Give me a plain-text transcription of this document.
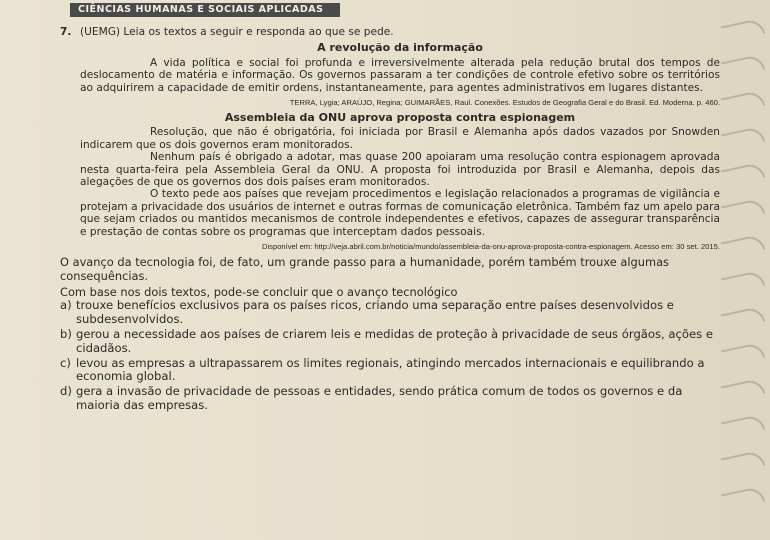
CIÊNCIAS HUMANAS E SOCIAIS APLICADAS

7. (UEMG) Leia os textos a seguir e responda ao que se pede.

A revolução da informação

A vida política e social foi profunda e irreversivelmente alterada pela redução brutal dos tempos de deslocamento de matéria e informação. Os governos passaram a ter condições de controle efetivo sobre os territórios ao adquirirem a capacidade de emitir ordens, instantaneamente, para agentes administrativos em lugares distantes.

TERRA, Lygia; ARAÚJO, Regina; GUIMARÃES, Raul. Conexões. Estudos de Geografia Geral e do Brasil. Ed. Moderna. p. 460.
Assembleia da ONU aprova proposta contra espionagem

Resolução, que não é obrigatória, foi iniciada por Brasil e Alemanha após dados vazados por Snowden indicarem que os dois governos eram monitorados.

Nenhum país é obrigado a adotar, mas quase 200 apoiaram uma resolução contra espionagem aprovada nesta quarta-feira pela Assembleia Geral da ONU. A proposta foi introduzida por Brasil e Alemanha, depois das alegações de que os governos dos dois países eram monitorados.

O texto pede aos países que revejam procedimentos e legislação relacionados a programas de vigilância e protejam a privacidade dos usuários de internet e outras formas de comunicação eletrônica. Também faz um apelo para que sejam criados ou mantidos mecanismos de controle independentes e efetivos, capazes de assegurar transparência e prestação de contas sobre os programas que interceptam dados pessoais.

Disponível em: http://veja.abril.com.br/noticia/mundo/assembleia-da-onu-aprova-proposta-contra-espionagem. Acesso em: 30 set. 2015.

O avanço da tecnologia foi, de fato, um grande passo para a humanidade, porém também trouxe algumas consequências.

Com base nos dois textos, pode-se concluir que o avanço tecnológico

a) trouxe benefícios exclusivos para os países ricos, criando uma separação entre países desenvolvidos e subdesenvolvidos.
b) gerou a necessidade aos países de criarem leis e medidas de proteção à privacidade de seus órgãos, ações e cidadãos.
c) levou as empresas a ultrapassarem os limites regionais, atingindo mercados internacionais e equilibrando a economia global.
d) gera a invasão de privacidade de pessoas e entidades, sendo prática comum de todos os governos e da maioria das empresas.
